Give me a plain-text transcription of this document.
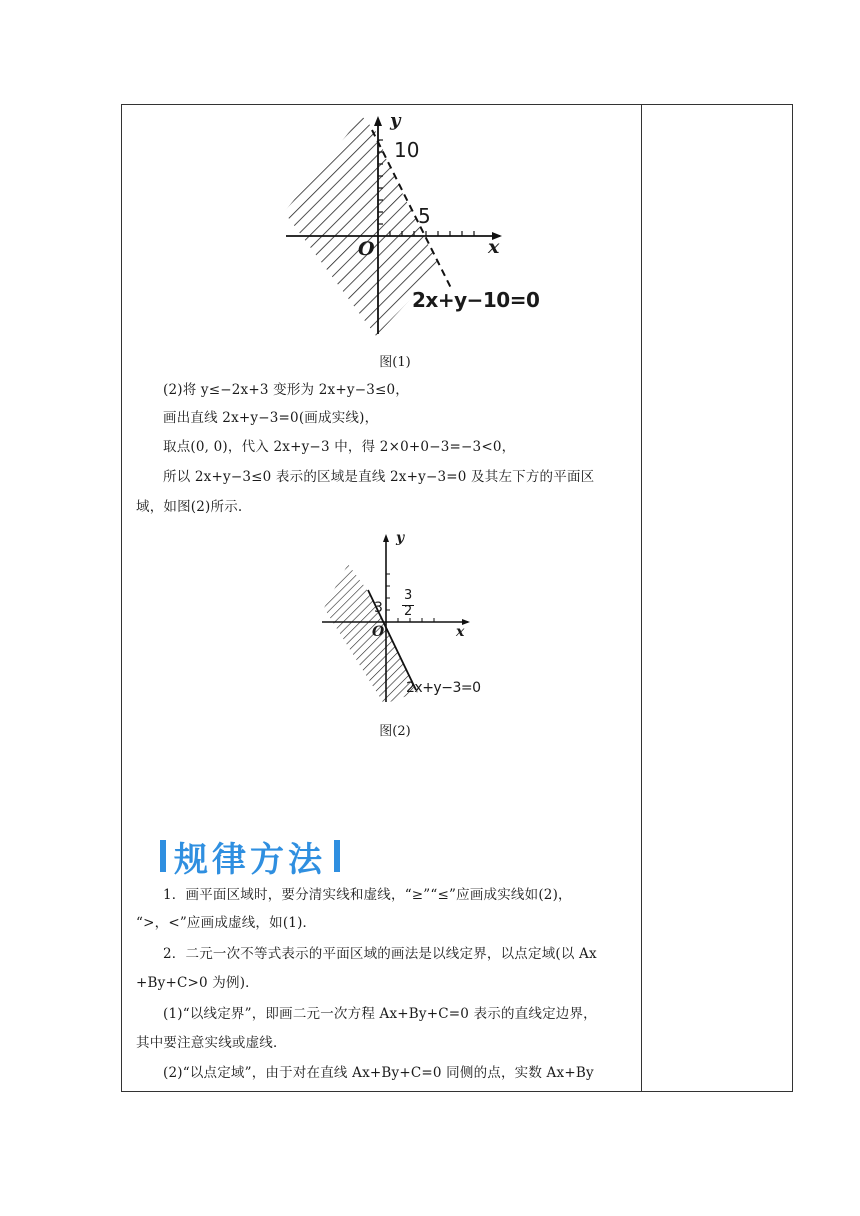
y
10
5
O	x
2x+y−10=0
图(1)
(2)将 y≤−2x+3 变形为 2x+y−3≤0，
画出直线 2x+y−3=0(画成实线)，
取点(0, 0)，代入 2x+y−3 中，得 2×0+0−3=−3<0，
所以 2x+y−3≤0 表示的区域是直线 2x+y−3=0 及其左下方的平面区
域，如图(2)所示.
y
3
3
2
O	x
2x+y−3=0
图(2)
规律方法
1．画平面区域时，要分清实线和虚线，“≥”“≤”应画成实线如(2)，
“>，<”应画成虚线，如(1)．
2．二元一次不等式表示的平面区域的画法是以线定界，以点定域(以 Ax
+By+C>0 为例)．
(1)“以线定界”，即画二元一次方程 Ax+By+C=0 表示的直线定边界，
其中要注意实线或虚线．
(2)“以点定域”，由于对在直线 Ax+By+C=0 同侧的点，实数 Ax+By
